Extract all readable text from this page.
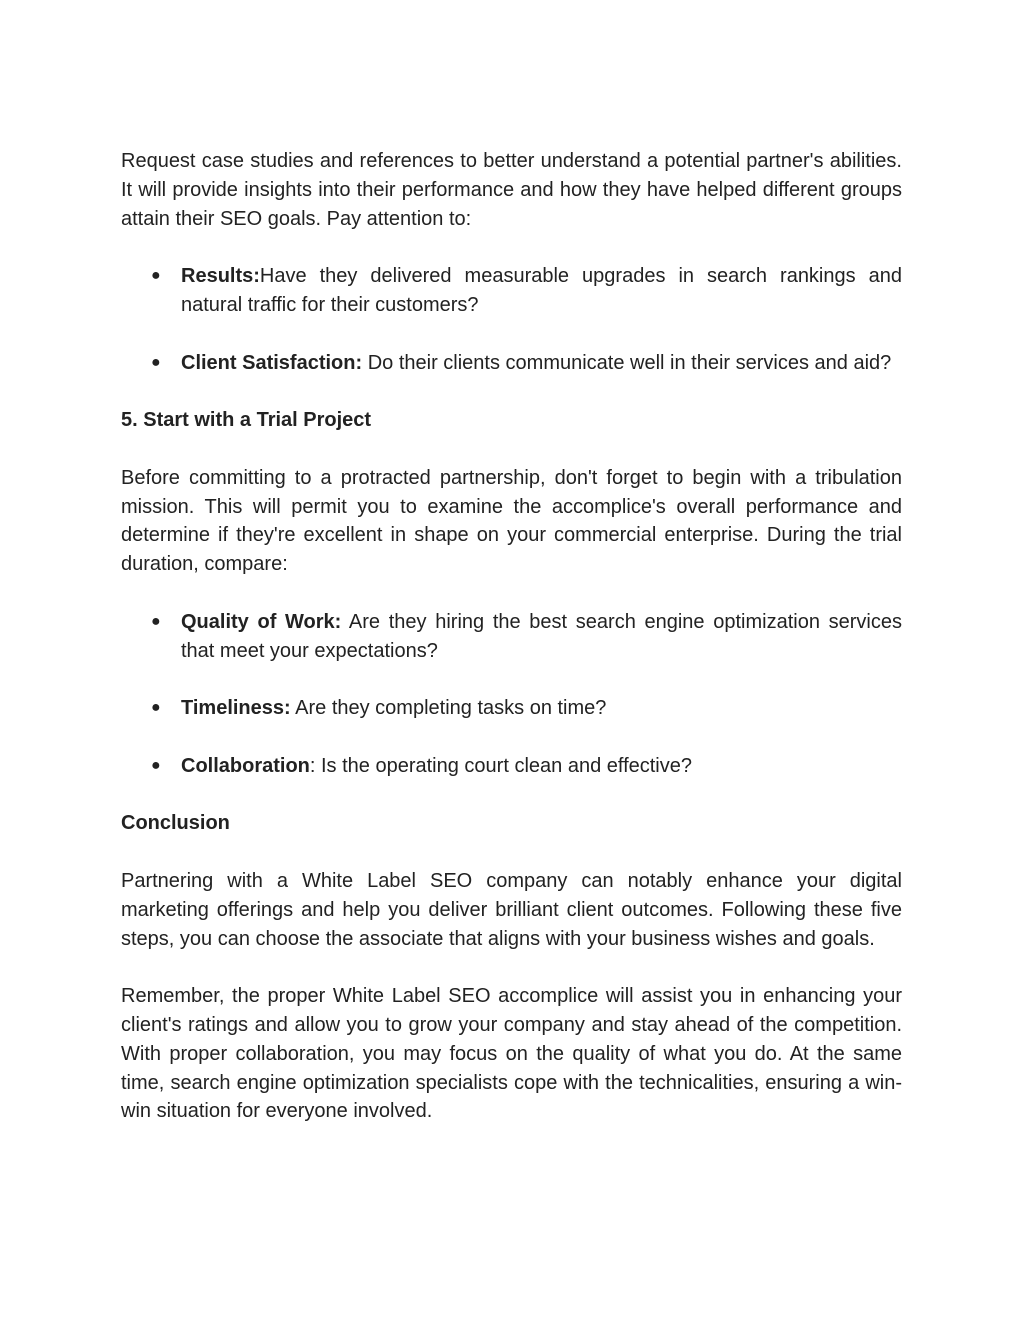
Request case studies and references to better understand a potential partner's abilities. It will provide insights into their performance and how they have helped different groups attain their SEO goals. Pay attention to:

● Results:Have they delivered measurable upgrades in search rankings and natural traffic for their customers?
● Client Satisfaction: Do their clients communicate well in their services and aid?

5. Start with a Trial Project

Before committing to a protracted partnership, don't forget to begin with a tribulation mission. This will permit you to examine the accomplice's overall performance and determine if they're excellent in shape on your commercial enterprise. During the trial duration, compare:

● Quality of Work: Are they hiring the best search engine optimization services that meet your expectations?
● Timeliness: Are they completing tasks on time?
● Collaboration: Is the operating court clean and effective?

Conclusion

Partnering with a White Label SEO company can notably enhance your digital marketing offerings and help you deliver brilliant client outcomes. Following these five steps, you can choose the associate that aligns with your business wishes and goals.

Remember, the proper White Label SEO accomplice will assist you in enhancing your client's ratings and allow you to grow your company and stay ahead of the competition. With proper collaboration, you may focus on the quality of what you do. At the same time, search engine optimization specialists cope with the technicalities, ensuring a win-win situation for everyone involved.
